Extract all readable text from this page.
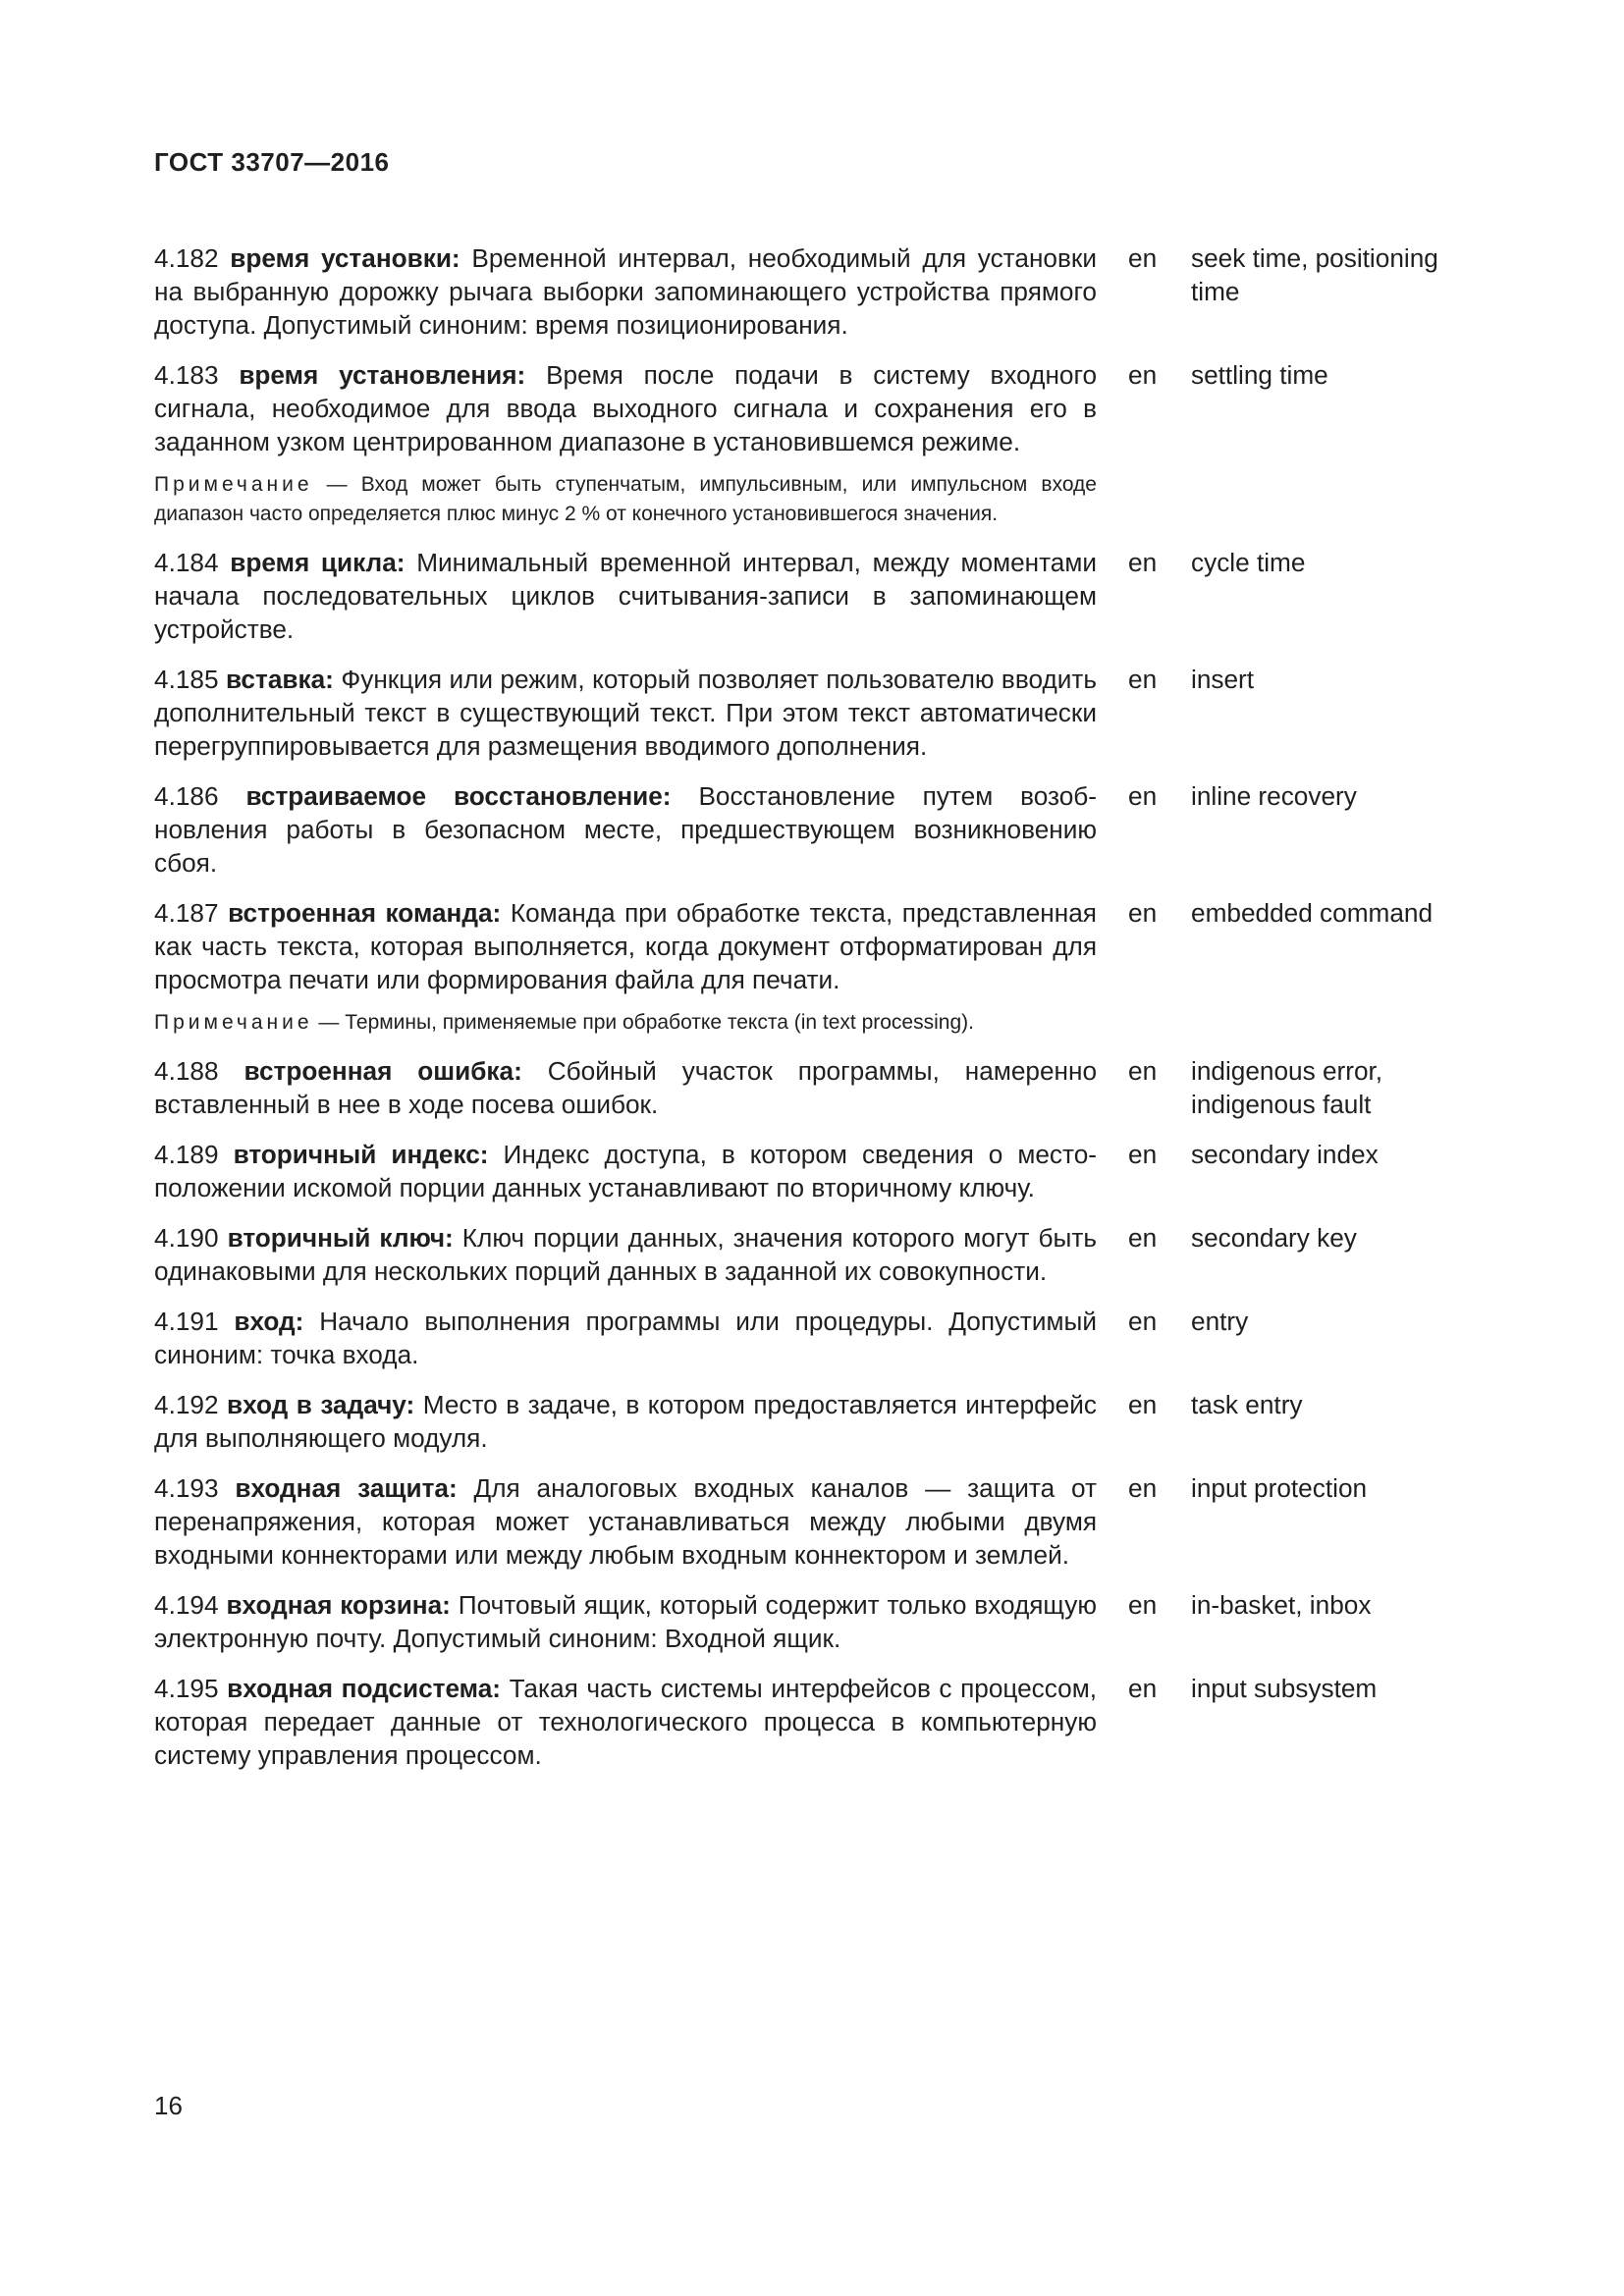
ГОСТ 33707—2016
4.182 время установки: Временной интервал, необходимый для установки на выбранную дорожку рычага выборки запоминающего устройства прямого доступа. Допустимый синоним: время позиционирования.
en seek time, positioning time
4.183 время установления: Время после подачи в систему входного сигнала, необходимое для ввода выходного сигнала и сохранения его в заданном узком центрированном диапазоне в установившемся режиме.
Примечание — Вход может быть ступенчатым, импульсивным, или импульсном входе диапазон часто определяется плюс минус 2 % от конечного установившегося значения.
en settling time
4.184 время цикла: Минимальный временной интервал, между моментами начала последовательных циклов считывания-записи в запоминающем устройстве.
en cycle time
4.185 вставка: Функция или режим, который позволяет пользователю вводить дополнительный текст в существующий текст. При этом текст автоматически перегруппировывается для размещения вводимого дополнения.
en insert
4.186 встраиваемое восстановление: Восстановление путем возобновления работы в безопасном месте, предшествующем возникновению сбоя.
en inline recovery
4.187 встроенная команда: Команда при обработке текста, представленная как часть текста, которая выполняется, когда документ отформатирован для просмотра печати или формирования файла для печати.
Примечание — Термины, применяемые при обработке текста (in text processing).
en embedded command
4.188 встроенная ошибка: Сбойный участок программы, намеренно вставленный в нее в ходе посева ошибок.
en indigenous error, indigenous fault
4.189 вторичный индекс: Индекс доступа, в котором сведения о местоположении искомой порции данных устанавливают по вторичному ключу.
en secondary index
4.190 вторичный ключ: Ключ порции данных, значения которого могут быть одинаковыми для нескольких порций данных в заданной их совокупности.
en secondary key
4.191 вход: Начало выполнения программы или процедуры. Допустимый синоним: точка входа.
en entry
4.192 вход в задачу: Место в задаче, в котором предоставляется интерфейс для выполняющего модуля.
en task entry
4.193 входная защита: Для аналоговых входных каналов — защита от перенапряжения, которая может устанавливаться между любыми двумя входными коннекторами или между любым входным коннектором и землей.
en input protection
4.194 входная корзина: Почтовый ящик, который содержит только входящую электронную почту. Допустимый синоним: Входной ящик.
en in-basket, inbox
4.195 входная подсистема: Такая часть системы интерфейсов с процессом, которая передает данные от технологического процесса в компьютерную систему управления процессом.
en input subsystem
16
